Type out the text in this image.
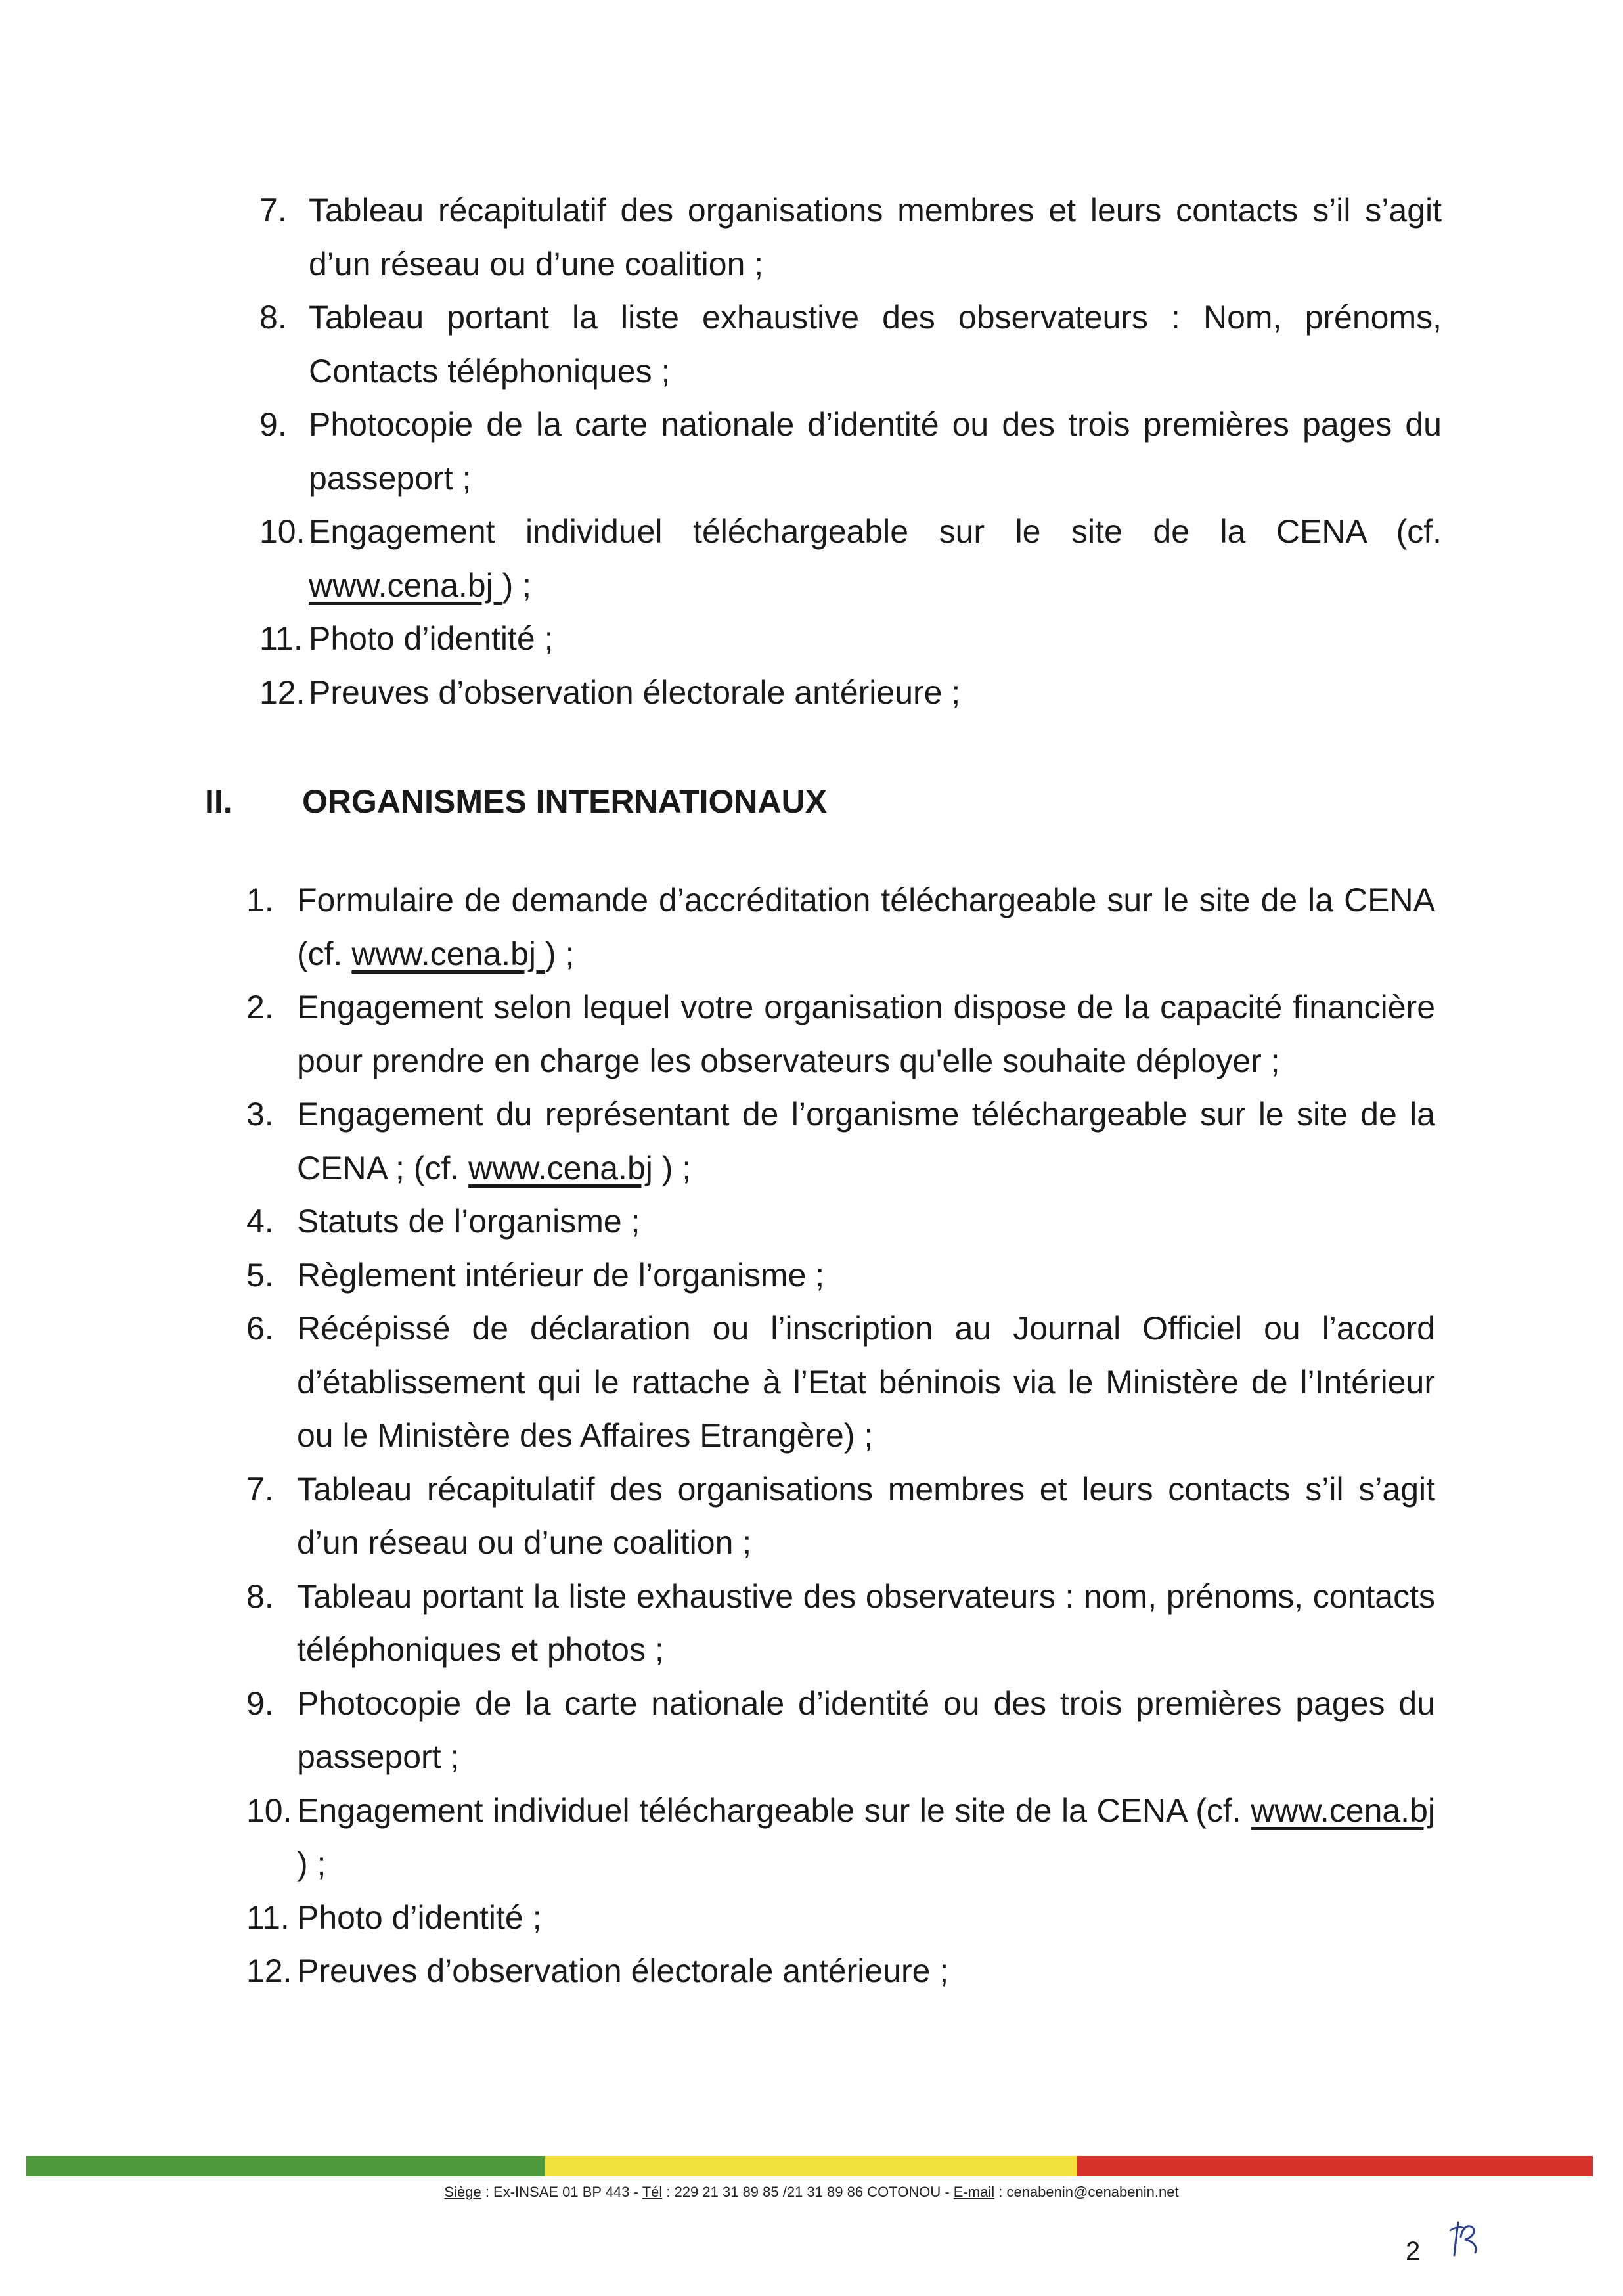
7. Tableau récapitulatif des organisations membres et leurs contacts s’il s’agit d’un réseau ou d’une coalition ;
8. Tableau portant la liste exhaustive des observateurs : Nom, prénoms, Contacts téléphoniques ;
9. Photocopie de la carte nationale d’identité ou des trois premières pages du passeport ;
10. Engagement individuel téléchargeable sur le site de la CENA (cf. www.cena.bj ) ;
11. Photo d’identité ;
12. Preuves d’observation électorale antérieure ;
II. ORGANISMES INTERNATIONAUX
1. Formulaire de demande d’accréditation téléchargeable sur le site de la CENA (cf. www.cena.bj ) ;
2. Engagement selon lequel votre organisation dispose de la capacité financière pour prendre en charge les observateurs qu'elle souhaite déployer ;
3. Engagement du représentant de l’organisme téléchargeable sur le site de la CENA ; (cf. www.cena.bj ) ;
4. Statuts de l’organisme ;
5. Règlement intérieur de l’organisme ;
6. Récépissé de déclaration ou l’inscription au Journal Officiel ou l’accord d’établissement qui le rattache à l’Etat béninois via le Ministère de l’Intérieur ou le Ministère des Affaires Etrangère) ;
7. Tableau récapitulatif des organisations membres et leurs contacts s’il s’agit d’un réseau ou d’une coalition ;
8. Tableau portant la liste exhaustive des observateurs : nom, prénoms, contacts téléphoniques et photos ;
9. Photocopie de la carte nationale d’identité ou des trois premières pages du passeport ;
10. Engagement individuel téléchargeable sur le site de la CENA (cf. www.cena.bj ) ;
11. Photo d’identité ;
12. Preuves d’observation électorale antérieure ;
Siège : Ex-INSAE 01 BP 443 - Tél : 229 21 31 89 85 /21 31 89 86 COTONOU - E-mail : cenabenin@cenabenin.net
2
